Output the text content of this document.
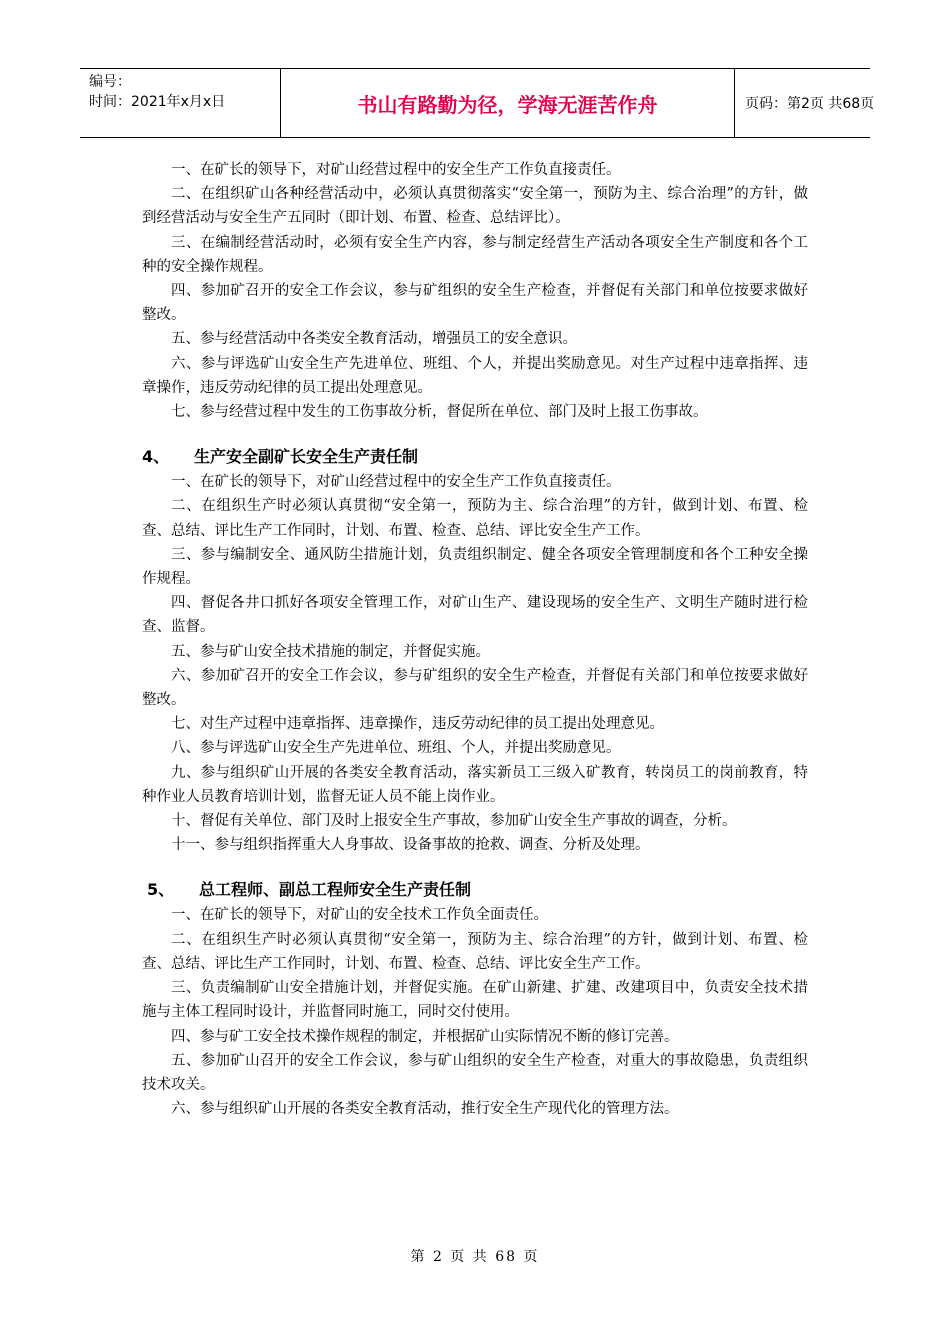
编号：
时间：2021年x月x日	书山有路勤为径，学海无涯苦作舟	页码：第2页 共68页

一、在矿长的领导下，对矿山经营过程中的安全生产工作负直接责任。

二、在组织矿山各种经营活动中，必须认真贯彻落实“安全第一，预防为主、综合治理”的方针，做到经营活动与安全生产五同时（即计划、布置、检查、总结评比）。

三、在编制经营活动时，必须有安全生产内容，参与制定经营生产活动各项安全生产制度和各个工种的安全操作规程。

四、参加矿召开的安全工作会议，参与矿组织的安全生产检查，并督促有关部门和单位按要求做好整改。

五、参与经营活动中各类安全教育活动，增强员工的安全意识。

六、参与评选矿山安全生产先进单位、班组、个人，并提出奖励意见。对生产过程中违章指挥、违章操作，违反劳动纪律的员工提出处理意见。

七、参与经营过程中发生的工伤事故分析，督促所在单位、部门及时上报工伤事故。

4、 生产安全副矿长安全生产责任制

一、在矿长的领导下，对矿山经营过程中的安全生产工作负直接责任。

二、在组织生产时必须认真贯彻“安全第一，预防为主、综合治理”的方针，做到计划、布置、检查、总结、评比生产工作同时，计划、布置、检查、总结、评比安全生产工作。

三、参与编制安全、通风防尘措施计划，负责组织制定、健全各项安全管理制度和各个工种安全操作规程。

四、督促各井口抓好各项安全管理工作，对矿山生产、建设现场的安全生产、文明生产随时进行检查、监督。

五、参与矿山安全技术措施的制定，并督促实施。

六、参加矿召开的安全工作会议，参与矿组织的安全生产检查，并督促有关部门和单位按要求做好整改。

七、对生产过程中违章指挥、违章操作，违反劳动纪律的员工提出处理意见。

八、参与评选矿山安全生产先进单位、班组、个人，并提出奖励意见。

九、参与组织矿山开展的各类安全教育活动，落实新员工三级入矿教育，转岗员工的岗前教育，特种作业人员教育培训计划，监督无证人员不能上岗作业。

十、督促有关单位、部门及时上报安全生产事故，参加矿山安全生产事故的调查，分析。

十一、参与组织指挥重大人身事故、设备事故的抢救、调查、分析及处理。

5、 总工程师、副总工程师安全生产责任制

一、在矿长的领导下，对矿山的安全技术工作负全面责任。

二、在组织生产时必须认真贯彻“安全第一，预防为主、综合治理”的方针，做到计划、布置、检查、总结、评比生产工作同时，计划、布置、检查、总结、评比安全生产工作。

三、负责编制矿山安全措施计划，并督促实施。在矿山新建、扩建、改建项目中，负责安全技术措施与主体工程同时设计，并监督同时施工，同时交付使用。

四、参与矿工安全技术操作规程的制定，并根据矿山实际情况不断的修订完善。

五、参加矿山召开的安全工作会议，参与矿山组织的安全生产检查，对重大的事故隐患，负责组织技术攻关。

六、参与组织矿山开展的各类安全教育活动，推行安全生产现代化的管理方法。

第 2 页 共 68 页
